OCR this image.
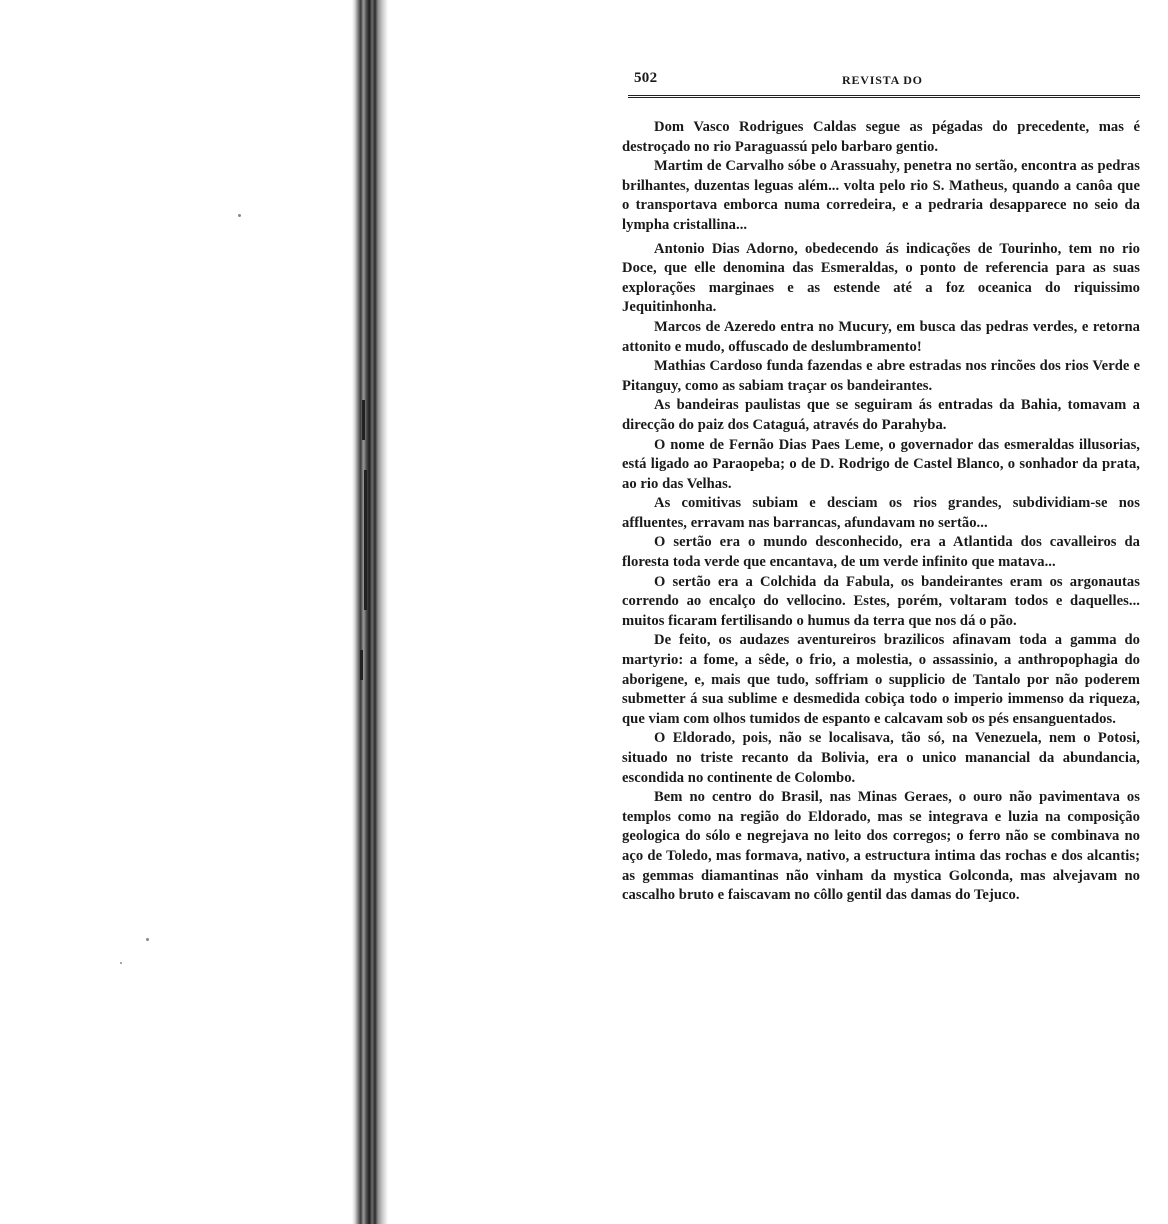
502	REVISTA DO

Dom Vasco Rodrigues Caldas segue as pégadas do precedente, mas é destroçado no rio Paraguassú pelo barbaro gentio.

Martim de Carvalho sóbe o Arassuahy, penetra no sertão, encontra as pedras brilhantes, duzentas leguas além... volta pelo rio S. Matheus, quando a canôa que o transportava emborca numa corredeira, e a pedraria desapparece no seio da lympha cristallina...

Antonio Dias Adorno, obedecendo ás indicações de Tourinho, tem no rio Doce, que elle denomina das Esmeraldas, o ponto de referencia para as suas explorações marginaes e as estende até a foz oceanica do riquissimo Jequitinhonha.

Marcos de Azeredo entra no Mucury, em busca das pedras verdes, e retorna attonito e mudo, offuscado de deslumbramento!

Mathias Cardoso funda fazendas e abre estradas nos rincões dos rios Verde e Pitanguy, como as sabiam traçar os bandeirantes.

As bandeiras paulistas que se seguiram ás entradas da Bahia, tomavam a direcção do paiz dos Cataguá, através do Parahyba.

O nome de Fernão Dias Paes Leme, o governador das esmeraldas illusorias, está ligado ao Paraopeba; o de D. Rodrigo de Castel Blanco, o sonhador da prata, ao rio das Velhas.

As comitivas subiam e desciam os rios grandes, subdividiam-se nos affluentes, erravam nas barrancas, afundavam no sertão...

O sertão era o mundo desconhecido, era a Atlantida dos cavalleiros da floresta toda verde que encantava, de um verde infinito que matava...

O sertão era a Colchida da Fabula, os bandeirantes eram os argonautas correndo ao encalço do vellocino. Estes, porém, voltaram todos e daquelles... muitos ficaram fertilisando o humus da terra que nos dá o pão.

De feito, os audazes aventureiros brazilicos afinavam toda a gamma do martyrio: a fome, a sêde, o frio, a molestia, o assassinio, a anthropophagia do aborigene, e, mais que tudo, soffriam o supplicio de Tantalo por não poderem submetter á sua sublime e desmedida cobiça todo o imperio immenso da riqueza, que viam com olhos tumidos de espanto e calcavam sob os pés ensanguentados.

O Eldorado, pois, não se localisava, tão só, na Venezuela, nem o Potosi, situado no triste recanto da Bolivia, era o unico manancial da abundancia, escondida no continente de Colombo.

Bem no centro do Brasil, nas Minas Geraes, o ouro não pavimentava os templos como na região do Eldorado, mas se integrava e luzia na composição geologica do sólo e negrejava no leito dos corregos; o ferro não se combinava no aço de Toledo, mas formava, nativo, a estructura intima das rochas e dos alcantis; as gemmas diamantinas não vinham da mystica Golconda, mas alvejavam no cascalho bruto e faiscavam no côllo gentil das damas do Tejuco.
